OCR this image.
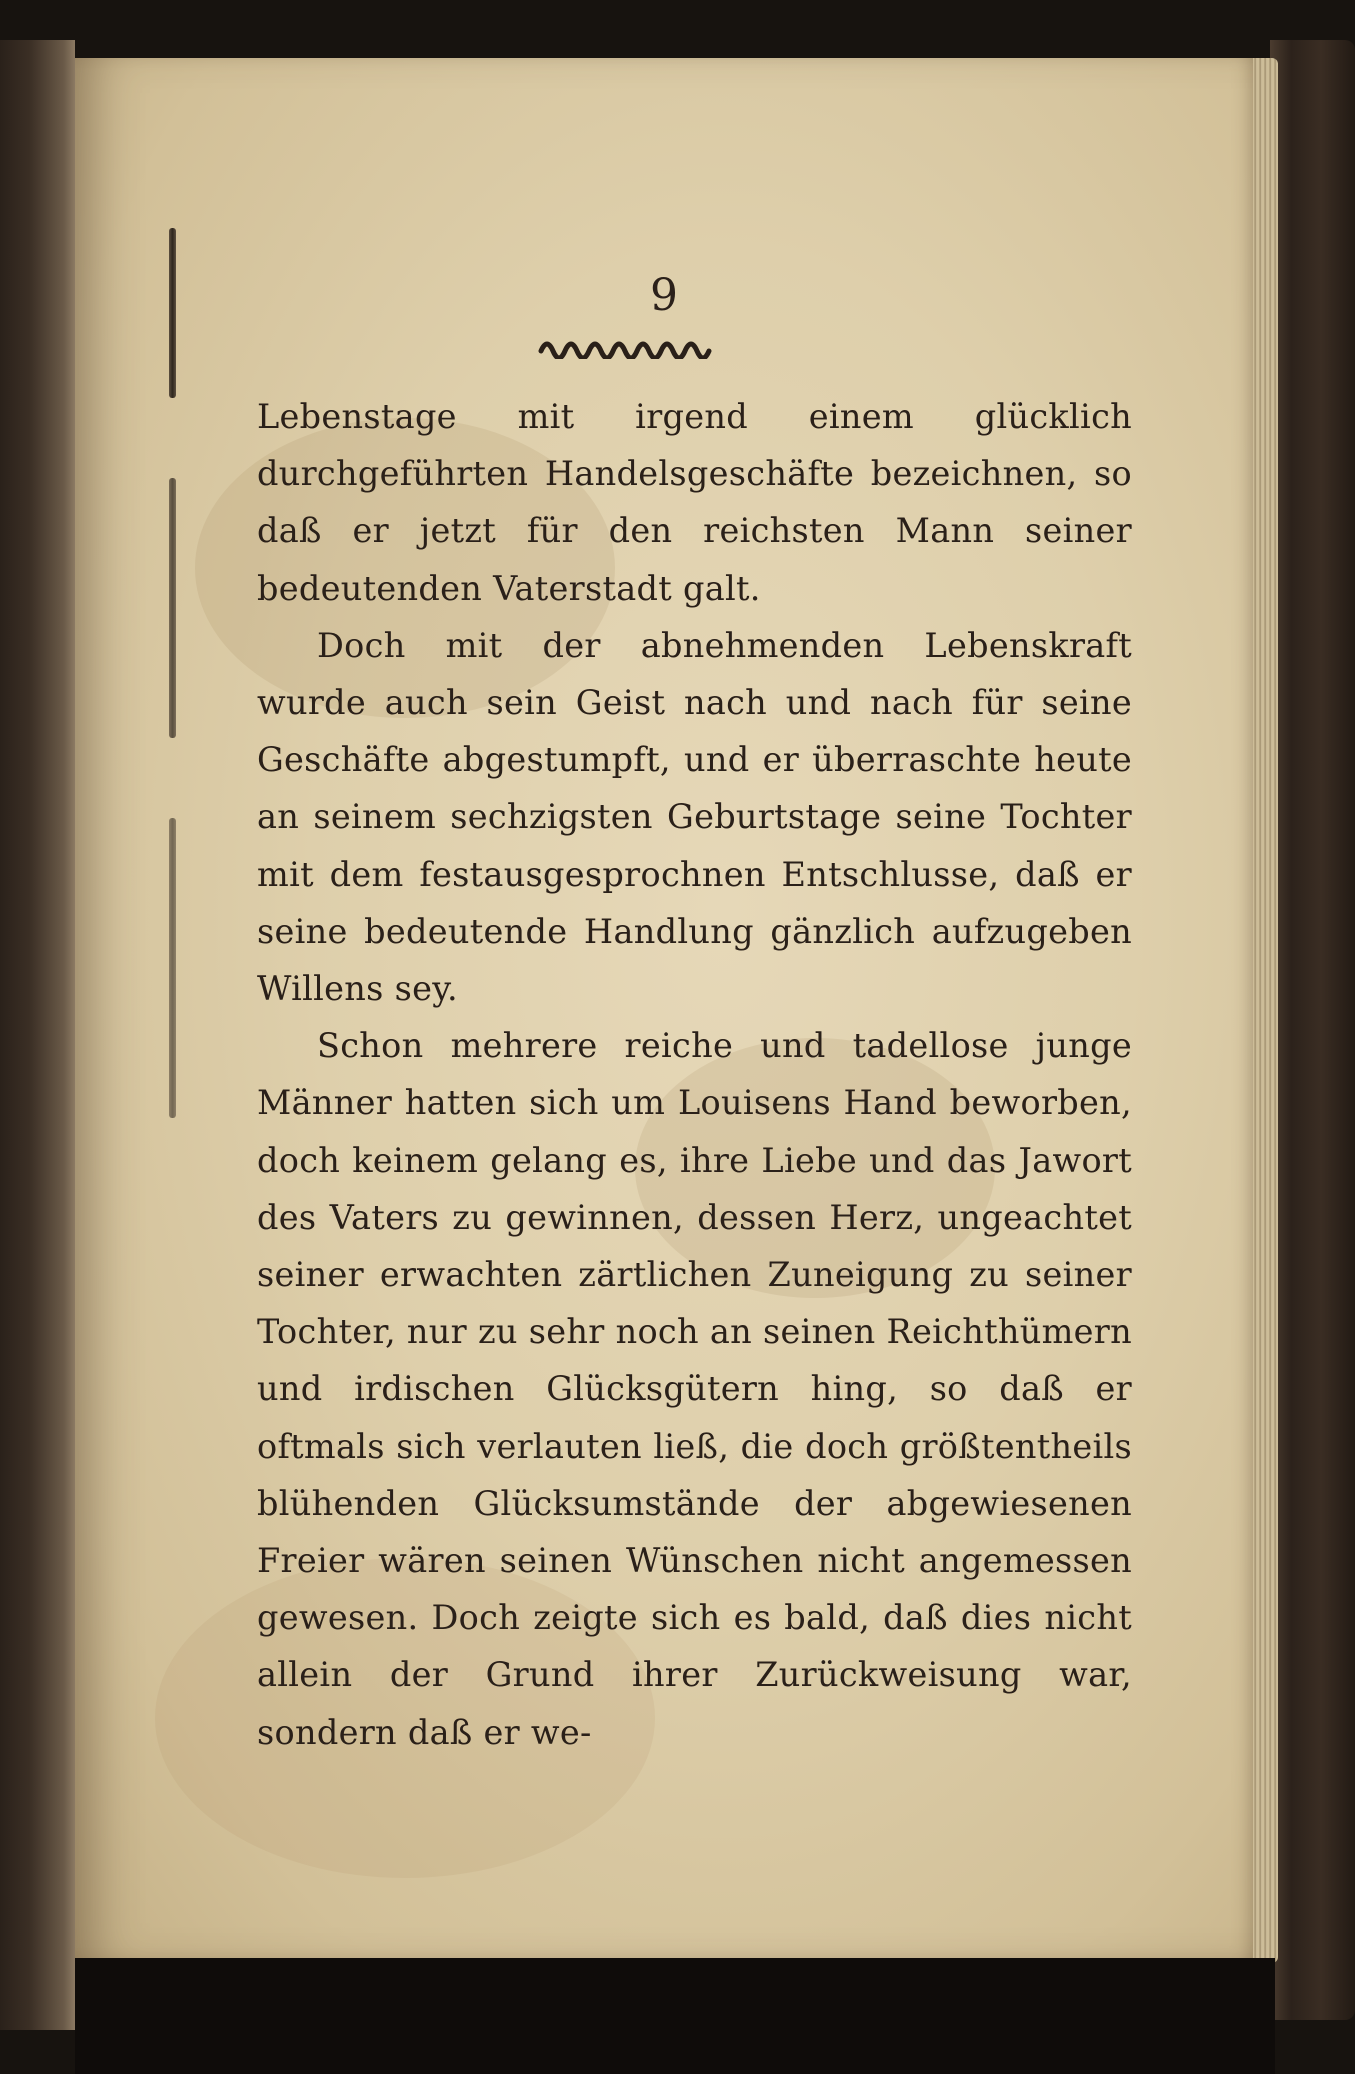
9

Lebenstage mit irgend einem glücklich durchgeführten Handelsgeschäfte bezeichnen, so daß er jetzt für den reichsten Mann seiner bedeutenden Vaterstadt galt.

Doch mit der abnehmenden Lebenskraft wurde auch sein Geist nach und nach für seine Geschäfte abgestumpft, und er überraschte heute an seinem sechzigsten Geburtstage seine Tochter mit dem festausgesprochnen Entschlusse, daß er seine bedeutende Handlung gänzlich aufzugeben Willens sey.

Schon mehrere reiche und tadellose junge Männer hatten sich um Louisens Hand beworben, doch keinem gelang es, ihre Liebe und das Jawort des Vaters zu gewinnen, dessen Herz, ungeachtet seiner erwachten zärtlichen Zuneigung zu seiner Tochter, nur zu sehr noch an seinen Reichthümern und irdischen Glücksgütern hing, so daß er oftmals sich verlauten ließ, die doch größtentheils blühenden Glücksumstände der abgewiesenen Freier wären seinen Wünschen nicht angemessen gewesen. Doch zeigte sich es bald, daß dies nicht allein der Grund ihrer Zurückweisung war, sondern daß er we-
